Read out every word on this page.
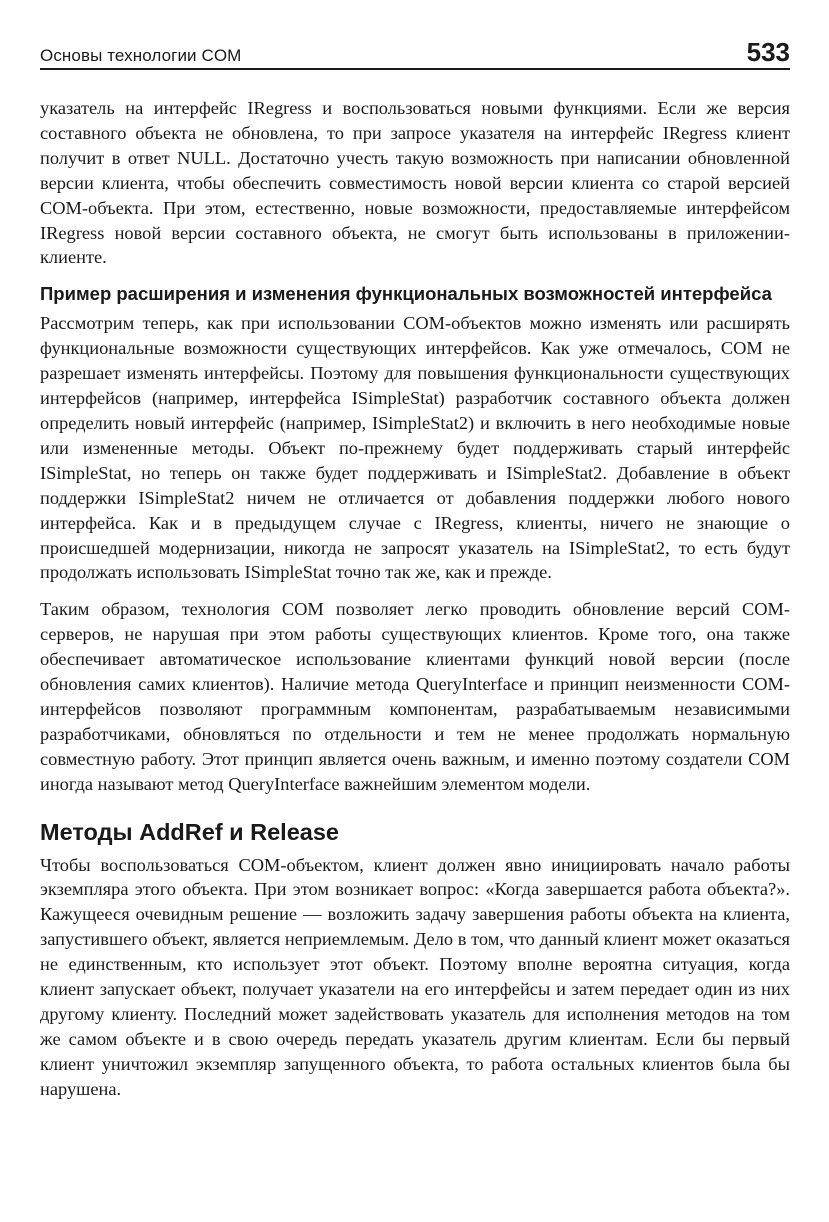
Основы технологии COM	533

указатель на интерфейс IRegress и воспользоваться новыми функциями. Если же версия составного объекта не обновлена, то при запросе указателя на интерфейс IRegress клиент получит в ответ NULL. Достаточно учесть такую возможность при написании обновленной версии клиента, чтобы обеспечить совместимость новой версии клиента со старой версией COM-объекта. При этом, естественно, новые возможности, предоставляемые интерфейсом IRegress новой версии составного объекта, не смогут быть использованы в приложении-клиенте.

Пример расширения и изменения функциональных возможностей интерфейса

Рассмотрим теперь, как при использовании COM-объектов можно изменять или расширять функциональные возможности существующих интерфейсов. Как уже отмечалось, COM не разрешает изменять интерфейсы. Поэтому для повышения функциональности существующих интерфейсов (например, интерфейса ISimpleStat) разработчик составного объекта должен определить новый интерфейс (например, ISimpleStat2) и включить в него необходимые новые или измененные методы. Объект по-прежнему будет поддерживать старый интерфейс ISimpleStat, но теперь он также будет поддерживать и ISimpleStat2. Добавление в объект поддержки ISimpleStat2 ничем не отличается от добавления поддержки любого нового интерфейса. Как и в предыдущем случае с IRegress, клиенты, ничего не знающие о происшедшей модернизации, никогда не запросят указатель на ISimpleStat2, то есть будут продолжать использовать ISimpleStat точно так же, как и прежде.

Таким образом, технология COM позволяет легко проводить обновление версий COM-серверов, не нарушая при этом работы существующих клиентов. Кроме того, она также обеспечивает автоматическое использование клиентами функций новой версии (после обновления самих клиентов). Наличие метода QueryInterface и принцип неизменности COM-интерфейсов позволяют программным компонентам, разрабатываемым независимыми разработчиками, обновляться по отдельности и тем не менее продолжать нормальную совместную работу. Этот принцип является очень важным, и именно поэтому создатели COM иногда называют метод QueryInterface важнейшим элементом модели.

Методы AddRef и Release

Чтобы воспользоваться COM-объектом, клиент должен явно инициировать начало работы экземпляра этого объекта. При этом возникает вопрос: «Когда завершается работа объекта?». Кажущееся очевидным решение — возложить задачу завершения работы объекта на клиента, запустившего объект, является неприемлемым. Дело в том, что данный клиент может оказаться не единственным, кто использует этот объект. Поэтому вполне вероятна ситуация, когда клиент запускает объект, получает указатели на его интерфейсы и затем передает один из них другому клиенту. Последний может задействовать указатель для исполнения методов на том же самом объекте и в свою очередь передать указатель другим клиентам. Если бы первый клиент уничтожил экземпляр запущенного объекта, то работа остальных клиентов была бы нарушена.
